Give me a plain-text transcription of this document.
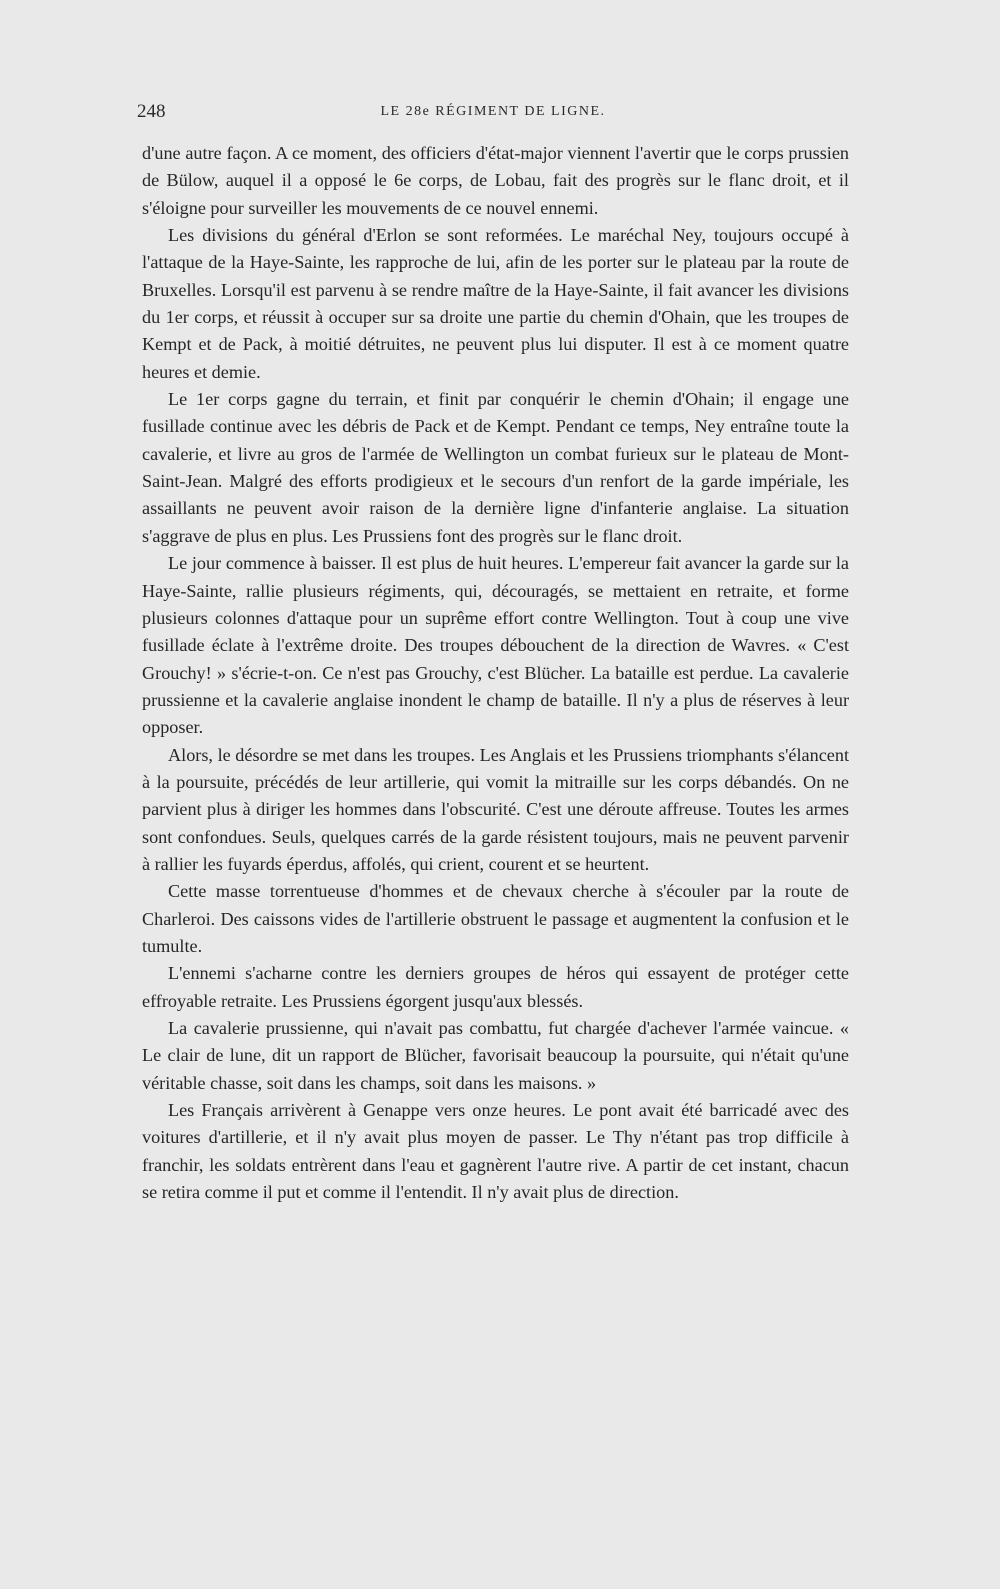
248	LE 28e RÉGIMENT DE LIGNE.

d'une autre façon. A ce moment, des officiers d'état-major viennent l'avertir que le corps prussien de Bülow, auquel il a opposé le 6e corps, de Lobau, fait des progrès sur le flanc droit, et il s'éloigne pour surveiller les mouvements de ce nouvel ennemi.

Les divisions du général d'Erlon se sont reformées. Le maréchal Ney, toujours occupé à l'attaque de la Haye-Sainte, les rapproche de lui, afin de les porter sur le plateau par la route de Bruxelles. Lorsqu'il est parvenu à se rendre maître de la Haye-Sainte, il fait avancer les divisions du 1er corps, et réussit à occuper sur sa droite une partie du chemin d'Ohain, que les troupes de Kempt et de Pack, à moitié détruites, ne peuvent plus lui disputer. Il est à ce moment quatre heures et demie.

Le 1er corps gagne du terrain, et finit par conquérir le chemin d'Ohain; il engage une fusillade continue avec les débris de Pack et de Kempt. Pendant ce temps, Ney entraîne toute la cavalerie, et livre au gros de l'armée de Wellington un combat furieux sur le plateau de Mont-Saint-Jean. Malgré des efforts prodigieux et le secours d'un renfort de la garde impériale, les assaillants ne peuvent avoir raison de la dernière ligne d'infanterie anglaise. La situation s'aggrave de plus en plus. Les Prussiens font des progrès sur le flanc droit.

Le jour commence à baisser. Il est plus de huit heures. L'empereur fait avancer la garde sur la Haye-Sainte, rallie plusieurs régiments, qui, découragés, se mettaient en retraite, et forme plusieurs colonnes d'attaque pour un suprême effort contre Wellington. Tout à coup une vive fusillade éclate à l'extrême droite. Des troupes débouchent de la direction de Wavres. « C'est Grouchy! » s'écrie-t-on. Ce n'est pas Grouchy, c'est Blücher. La bataille est perdue. La cavalerie prussienne et la cavalerie anglaise inondent le champ de bataille. Il n'y a plus de réserves à leur opposer.

Alors, le désordre se met dans les troupes. Les Anglais et les Prussiens triomphants s'élancent à la poursuite, précédés de leur artillerie, qui vomit la mitraille sur les corps débandés. On ne parvient plus à diriger les hommes dans l'obscurité. C'est une déroute affreuse. Toutes les armes sont confondues. Seuls, quelques carrés de la garde résistent toujours, mais ne peuvent parvenir à rallier les fuyards éperdus, affolés, qui crient, courent et se heurtent.

Cette masse torrentueuse d'hommes et de chevaux cherche à s'écouler par la route de Charleroi. Des caissons vides de l'artillerie obstruent le passage et augmentent la confusion et le tumulte.

L'ennemi s'acharne contre les derniers groupes de héros qui essayent de protéger cette effroyable retraite. Les Prussiens égorgent jusqu'aux blessés.

La cavalerie prussienne, qui n'avait pas combattu, fut chargée d'achever l'armée vaincue. « Le clair de lune, dit un rapport de Blücher, favorisait beaucoup la poursuite, qui n'était qu'une véritable chasse, soit dans les champs, soit dans les maisons. »

Les Français arrivèrent à Genappe vers onze heures. Le pont avait été barricadé avec des voitures d'artillerie, et il n'y avait plus moyen de passer. Le Thy n'étant pas trop difficile à franchir, les soldats entrèrent dans l'eau et gagnèrent l'autre rive. A partir de cet instant, chacun se retira comme il put et comme il l'entendit. Il n'y avait plus de direction.
